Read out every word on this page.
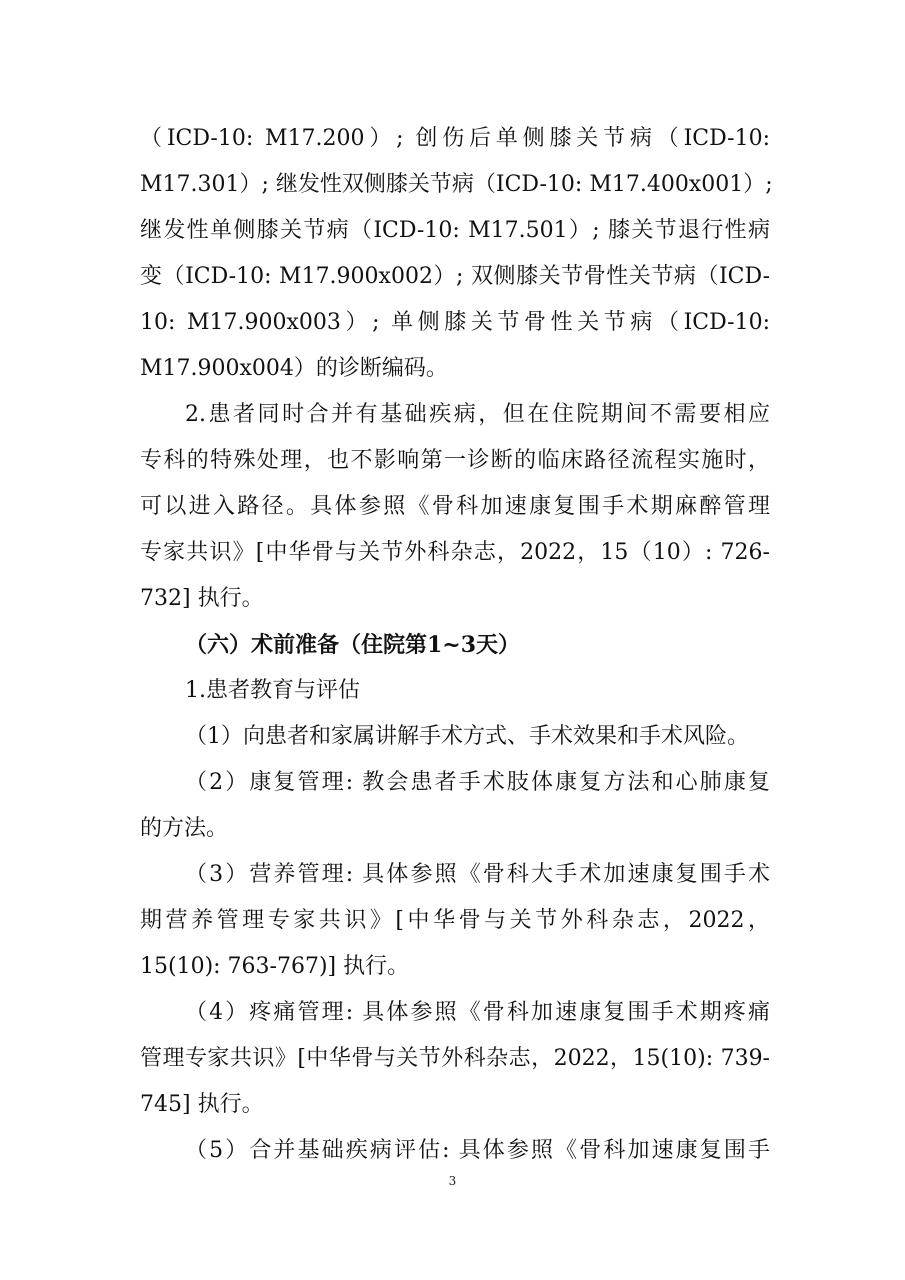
（ICD-10: M17.200）; 创伤后单侧膝关节病（ICD-10:
M17.301）; 继发性双侧膝关节病（ICD-10: M17.400x001）;
继发性单侧膝关节病（ICD-10: M17.501）; 膝关节退行性病
变（ICD-10: M17.900x002）; 双侧膝关节骨性关节病（ICD-
10: M17.900x003）; 单侧膝关节骨性关节病（ICD-10:
M17.900x004）的诊断编码。
2.患者同时合并有基础疾病，但在住院期间不需要相应
专科的特殊处理，也不影响第一诊断的临床路径流程实施时，
可以进入路径。具体参照《骨科加速康复围手术期麻醉管理
专家共识》[中华骨与关节外科杂志，2022，15（10）: 726-
732] 执行。
（六）术前准备（住院第1~3天）
1.患者教育与评估
（1）向患者和家属讲解手术方式、手术效果和手术风险。
（2）康复管理: 教会患者手术肢体康复方法和心肺康复
的方法。
（3）营养管理: 具体参照《骨科大手术加速康复围手术
期营养管理专家共识》[中华骨与关节外科杂志，2022，
15(10): 763-767)] 执行。
（4）疼痛管理: 具体参照《骨科加速康复围手术期疼痛
管理专家共识》[中华骨与关节外科杂志，2022，15(10): 739-
745] 执行。
（5）合并基础疾病评估: 具体参照《骨科加速康复围手
3
